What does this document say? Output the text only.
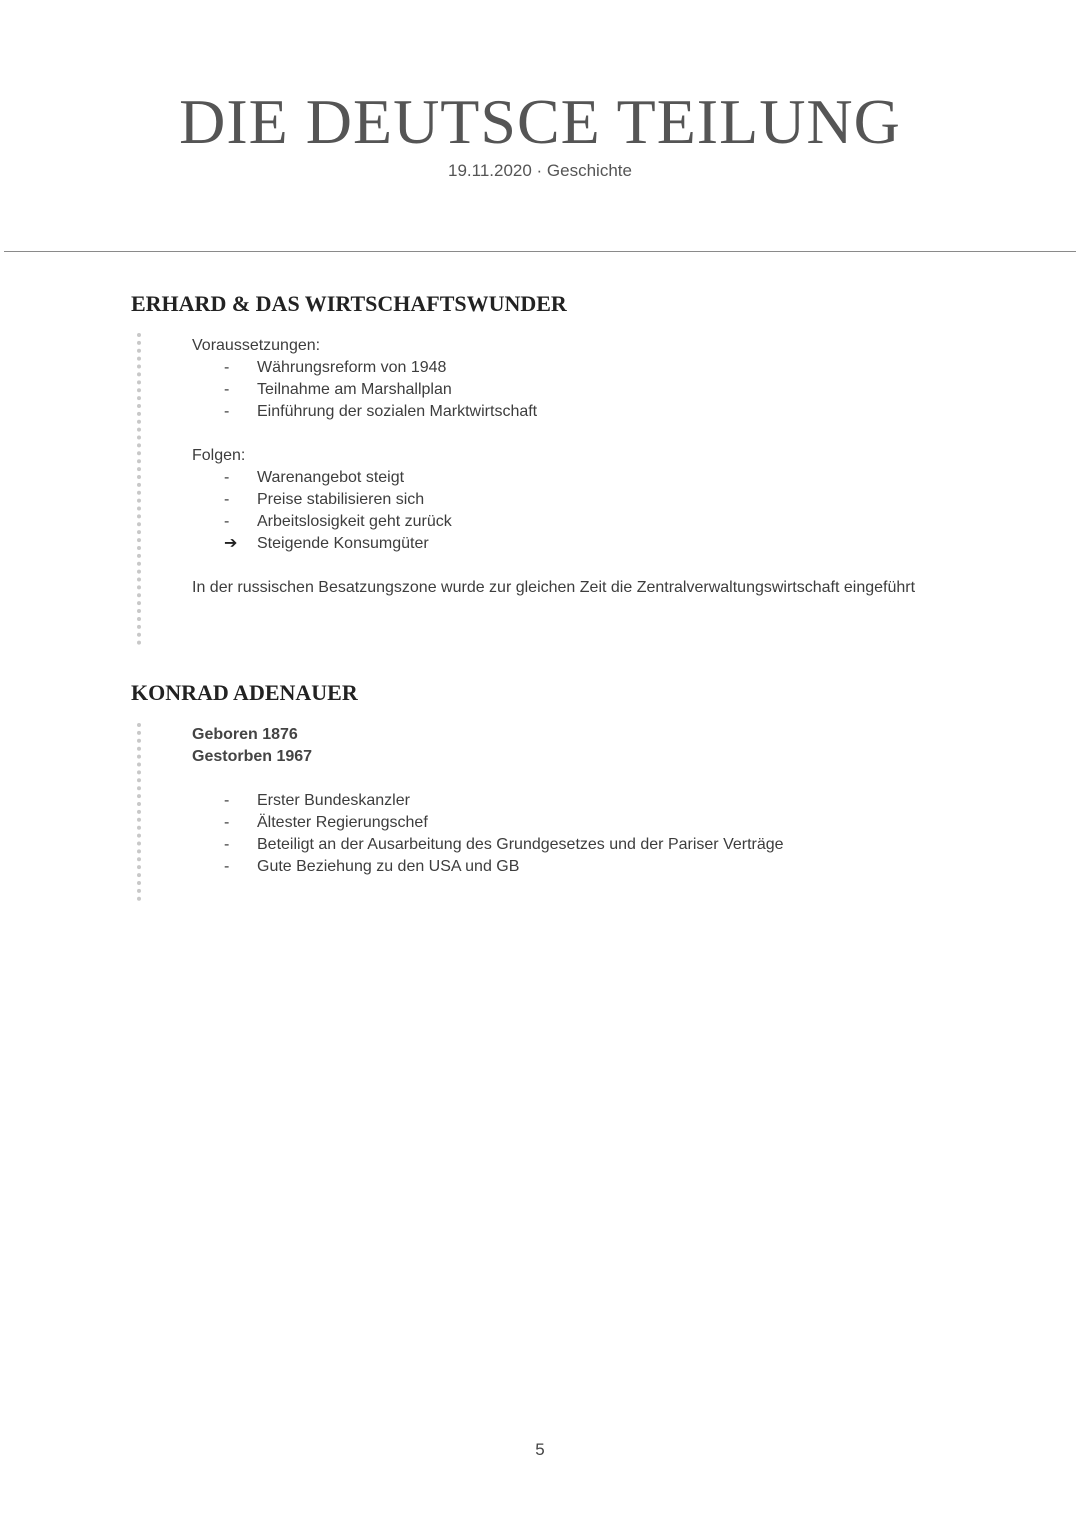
DIE DEUTSCE TEILUNG
19.11.2020 · Geschichte
ERHARD & DAS WIRTSCHAFTSWUNDER
Voraussetzungen:
-	Währungsreform von 1948
-	Teilnahme am Marshallplan
-	Einführung der sozialen Marktwirtschaft
Folgen:
-	Warenangebot steigt
-	Preise stabilisieren sich
-	Arbeitslosigkeit geht zurück
➔	Steigende Konsumgüter
In der russischen Besatzungszone wurde zur gleichen Zeit die Zentralverwaltungswirtschaft eingeführt
KONRAD ADENAUER
Geboren 1876
Gestorben 1967
-	Erster Bundeskanzler
-	Ältester Regierungschef
-	Beteiligt an der Ausarbeitung des Grundgesetzes und der Pariser Verträge
-	Gute Beziehung zu den USA und GB
5
